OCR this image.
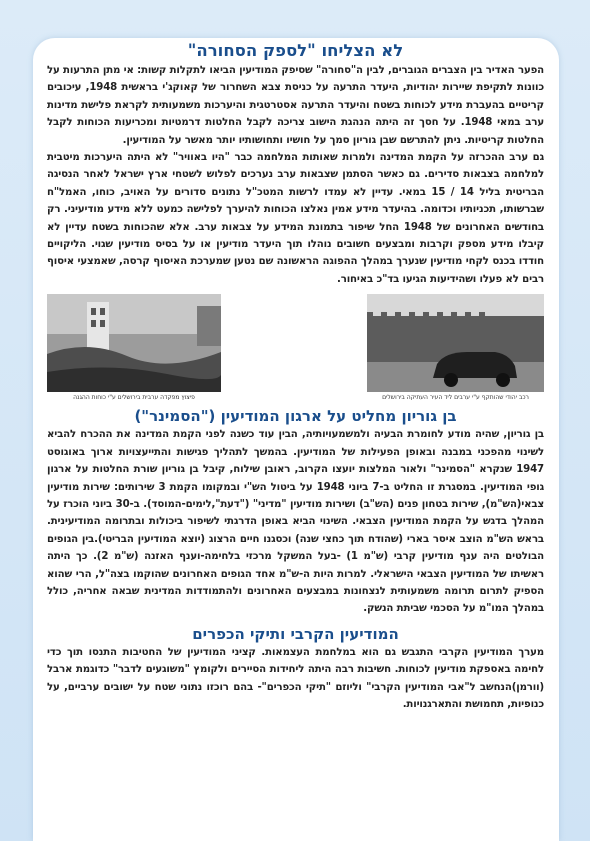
לא הצליחו "לספק הסחורה"

הפער האדיר בין הצברים הגוברים, לבין ה"סחורה" שסיפק המודיעין הביאו לתקלות קשות: אי מתן התרעות על כוונות לתקיפת שיירות יהודיות, היעדר התרעה על כניסת צבא השחרור של קאוקג'י בראשית 1948, עיכובים קריטיים בהעברת מידע לכוחות בשטח והיעדר התרעה אסטרטגית והיערכות משמעותית לקראת פלישת מדינות ערב במאי 1948. על חסך זה היתה הנהגת הישוב צריכה לקבל החלטות דרמטיות ומכריעות הכוחות לקבל החלטות קריטיות. ניתן להתרשם שבן גוריון סמך על חושיו ותחושותיו יותר מאשר על המודיעין.

גם ערב ההכרזה על הקמת המדינה ולמרות שאותות המלחמה כבר "היו באוויר" לא היתה היערכות מיטבית למלחמה בצבאות סדירים. גם כאשר הסתמן שצבאות ערב נערכים לפלוש לשטחי ארץ ישראל לאחר הנסיגה הבריטית בליל 14 / 15 במאי. עדיין לא עמדו לרשות המטכ"ל נתונים סדורים על האויב, כוחו, האמל"ח שברשותו, תכניותיו וכדומה. בהיעדר מידע אמין נאלצו הכוחות להיערך לפלישה כמעט ללא מידע מודיעיני. רק בחודשים האחרונים של 1948 החל שיפור בתמונת המידע על צבאות ערב. אלא שהכוחות בשטח עדיין לא קיבלו מידע מספק וקרבות ומבצעים חשובים נוהלו תוך היעדר מודיעין או על בסיס מודיעין שגוי. הליקויים חודדו בכנס לקחי מודיעין שנערך במהלך ההפוגה הראשונה שם נטען שמערכת האיסוף קרסה, שאמצעי איסוף רבים לא פעלו ושהידיעות הגיעו בד"כ באיחור.

פיצוץ מפקדה ערבית בירושלים ע"י כוחות ההגנה	רכב יהודי שהותקף ע"י ערבים ליד העיר העתיקה בירושלים
בן גוריון מחליט על ארגון המודיעין ("הסמינר")

בן גוריון, שהיה מודע לחומרת הבעיה ולמשמעויותיה, הבין עוד כשנה לפני הקמת המדינה את ההכרח להביא לשינוי מהפכני במבנה ובאופן הפעילות של המודיעין. בהמשך לתהליך פגישות והתייעצויות ארוך באוגוסט 1947 שנקרא "הסמינר" ולאור המלצות יועצו הקרוב, ראובן שילוח, קיבל בן גוריון שורת החלטות על ארגון גופי המודיעין. במסגרת זו החליט ב-7 ביוני 1948 על ביטול הש"י ובמקומו הקמת 3 שירותים: שירות מודיעין צבאי(הש"מ), שירות בטחון פנים (הש"ב) ושירות מודיעין "מדיני" ("דעת",לימים-המוסד). ב-30 ביוני הוכרז על המהלך בדגש על הקמת המודיעין הצבאי. השינוי הביא באופן הדרגתי לשיפור ביכולות ובתרומה המודיעינית. בראש הש"מ הוצב איסר בארי (שהודח תוך כחצי שנה) וכסגנו חיים הרצוג (יוצא המודיעין הבריטי).בין הגופים הבולטים היה ענף מודיעין קרבי (ש"מ 1) -בעל המשקל מרכזי בלחימה-וענף האזנה (ש"מ 2). כך היתה ראשיתו של המודיעין הצבאי הישראלי. למרות היות ה-ש"מ אחד הגופים האחרונים שהוקמו בצה"ל, הרי שהוא הספיק לתרום תרומה משמעותית לנצחונות במבצעים האחרונים ולהתמודדות המדינית שבאה אחריה, כולל במהלך המו"מ על הסכמי שביתת הנשק.

המודיעין הקרבי ותיקי הכפרים

מערך המודיעין הקרבי התגבש גם הוא במלחמת העצמאות. קציני המודיעין של החטיבות התנסו תוך כדי לחימה באספקת מודיעין לכוחות. חשיבות רבה היתה ליחידות הסיירים ולקומץ "משוגעים לדבר" כדוגמת ארבל (וורמן)הנחשב ל"אבי המודיעין הקרבי" וליוזם "תיקי הכפרים"- בהם רוכזו נתוני שטח על ישובים ערביים, על כנופיות, תחמושת והתארגנויות.
